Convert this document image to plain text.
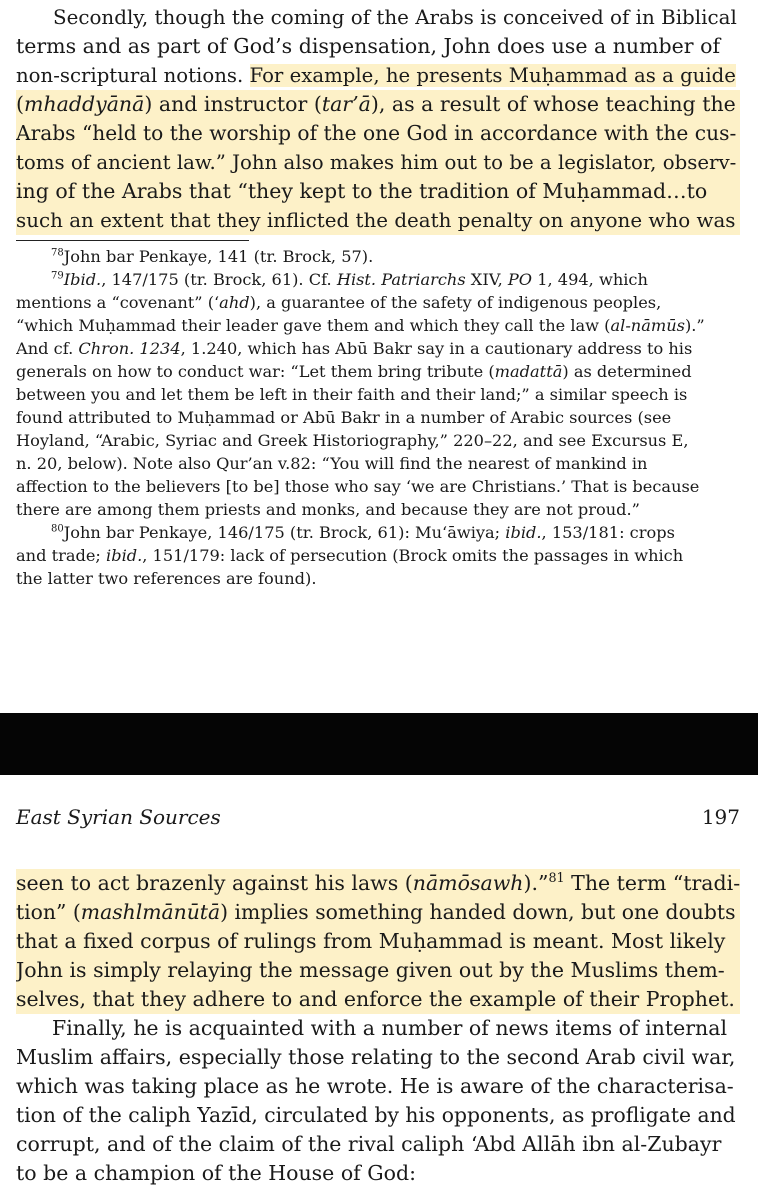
Secondly, though the coming of the Arabs is conceived of in Biblical
terms and as part of God’s dispensation, John does use a number of
non-scriptural notions. For example, he presents Muḥammad as a guide
(mhaddyānā) and instructor (tar’ā), as a result of whose teaching the
Arabs “held to the worship of the one God in accordance with the cus-
toms of ancient law.” John also makes him out to be a legislator, observ-
ing of the Arabs that “they kept to the tradition of Muḥammad…to
such an extent that they inflicted the death penalty on anyone who was
$^{78}$John bar Penkaye, 141 (tr. Brock, 57).
$^{79}$Ibid., 147/175 (tr. Brock, 61). Cf. Hist. Patriarchs XIV, PO 1, 494, which
mentions a “covenant” (‘ahd), a guarantee of the safety of indigenous peoples,
“which Muḥammad their leader gave them and which they call the law (al-nāmūs).”
And cf. Chron. 1234, 1.240, which has Abū Bakr say in a cautionary address to his
generals on how to conduct war: “Let them bring tribute (madattā) as determined
between you and let them be left in their faith and their land;” a similar speech is
found attributed to Muḥammad or Abū Bakr in a number of Arabic sources (see
Hoyland, “Arabic, Syriac and Greek Historiography,” 220–22, and see Excursus E,
n. 20, below). Note also Qur’an v.82: “You will find the nearest of mankind in
affection to the believers [to be] those who say ‘we are Christians.’ That is because
there are among them priests and monks, and because they are not proud.”
$^{80}$John bar Penkaye, 146/175 (tr. Brock, 61): Mu‘āwiya; ibid., 153/181: crops
and trade; ibid., 151/179: lack of persecution (Brock omits the passages in which
the latter two references are found).
East Syrian Sources	197
seen to act brazenly against his laws (nāmōsawh).”$^{81}$ The term “tradi-
tion” (mashlmānūtā) implies something handed down, but one doubts
that a fixed corpus of rulings from Muḥammad is meant. Most likely
John is simply relaying the message given out by the Muslims them-
selves, that they adhere to and enforce the example of their Prophet.
Finally, he is acquainted with a number of news items of internal
Muslim affairs, especially those relating to the second Arab civil war,
which was taking place as he wrote. He is aware of the characterisa-
tion of the caliph Yazīd, circulated by his opponents, as profligate and
corrupt, and of the claim of the rival caliph ‘Abd Allāh ibn al-Zubayr
to be a champion of the House of God:
